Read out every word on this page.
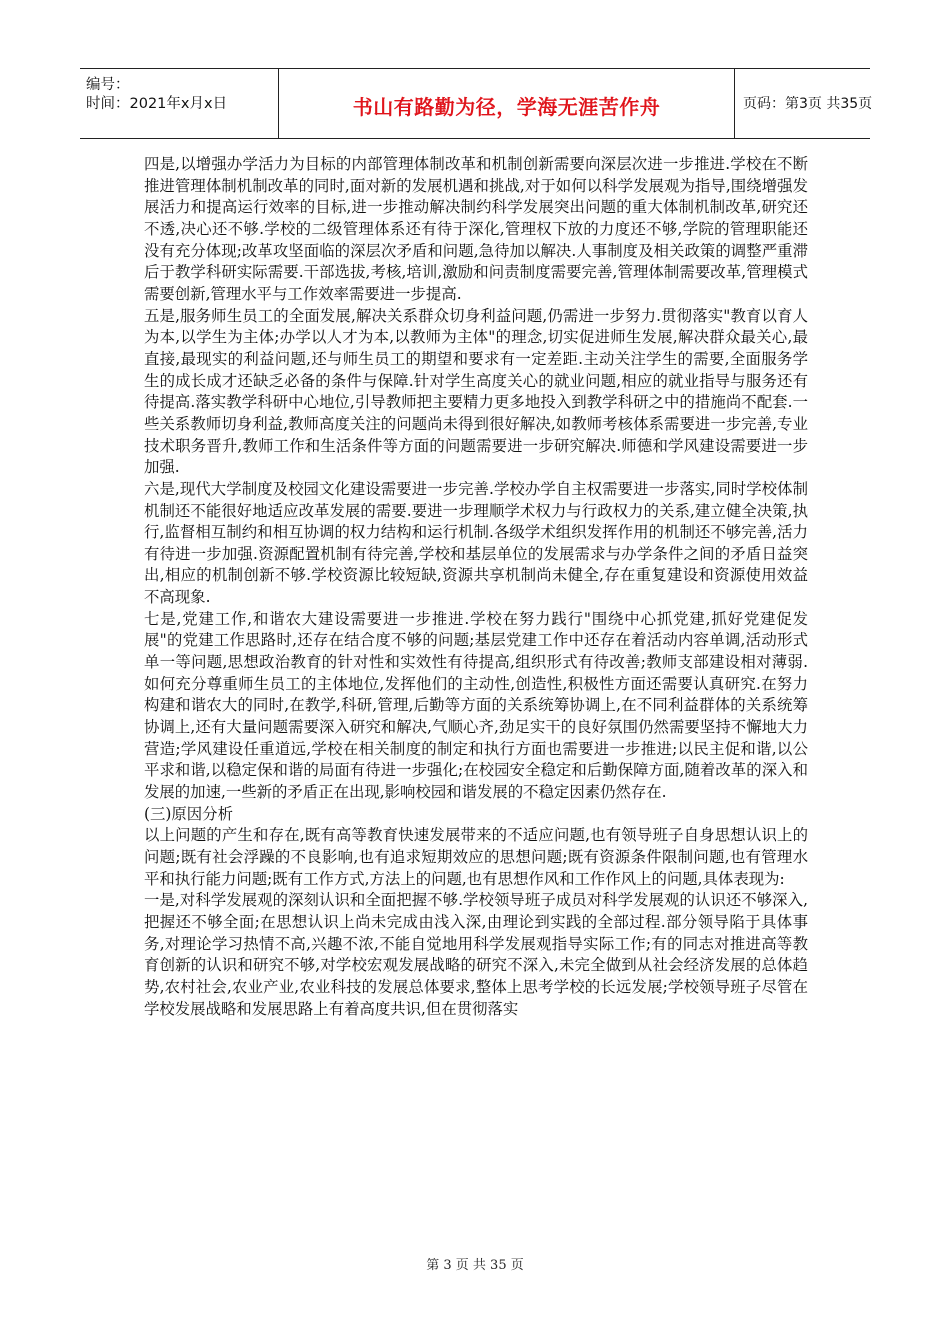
编号：
时间：2021年x月x日	书山有路勤为径，学海无涯苦作舟	页码：第3页 共35页

四是,以增强办学活力为目标的内部管理体制改革和机制创新需要向深层次进一步推进.学校在不断推进管理体制机制改革的同时,面对新的发展机遇和挑战,对于如何以科学发展观为指导,围绕增强发展活力和提高运行效率的目标,进一步推动解决制约科学发展突出问题的重大体制机制改革,研究还不透,决心还不够.学校的二级管理体系还有待于深化,管理权下放的力度还不够,学院的管理职能还没有充分体现;改革攻坚面临的深层次矛盾和问题,急待加以解决.人事制度及相关政策的调整严重滞后于教学科研实际需要.干部选拔,考核,培训,激励和问责制度需要完善,管理体制需要改革,管理模式需要创新,管理水平与工作效率需要进一步提高.

五是,服务师生员工的全面发展,解决关系群众切身利益问题,仍需进一步努力.贯彻落实"教育以育人为本,以学生为主体;办学以人才为本,以教师为主体"的理念,切实促进师生发展,解决群众最关心,最直接,最现实的利益问题,还与师生员工的期望和要求有一定差距.主动关注学生的需要,全面服务学生的成长成才还缺乏必备的条件与保障.针对学生高度关心的就业问题,相应的就业指导与服务还有待提高.落实教学科研中心地位,引导教师把主要精力更多地投入到教学科研之中的措施尚不配套.一些关系教师切身利益,教师高度关注的问题尚未得到很好解决,如教师考核体系需要进一步完善,专业技术职务晋升,教师工作和生活条件等方面的问题需要进一步研究解决.师德和学风建设需要进一步加强.

六是,现代大学制度及校园文化建设需要进一步完善.学校办学自主权需要进一步落实,同时学校体制机制还不能很好地适应改革发展的需要.要进一步理顺学术权力与行政权力的关系,建立健全决策,执行,监督相互制约和相互协调的权力结构和运行机制.各级学术组织发挥作用的机制还不够完善,活力有待进一步加强.资源配置机制有待完善,学校和基层单位的发展需求与办学条件之间的矛盾日益突出,相应的机制创新不够.学校资源比较短缺,资源共享机制尚未健全,存在重复建设和资源使用效益不高现象.

七是,党建工作,和谐农大建设需要进一步推进.学校在努力践行"围绕中心抓党建,抓好党建促发展"的党建工作思路时,还存在结合度不够的问题;基层党建工作中还存在着活动内容单调,活动形式单一等问题,思想政治教育的针对性和实效性有待提高,组织形式有待改善;教师支部建设相对薄弱.如何充分尊重师生员工的主体地位,发挥他们的主动性,创造性,积极性方面还需要认真研究.在努力构建和谐农大的同时,在教学,科研,管理,后勤等方面的关系统筹协调上,在不同利益群体的关系统筹协调上,还有大量问题需要深入研究和解决,气顺心齐,劲足实干的良好氛围仍然需要坚持不懈地大力营造;学风建设任重道远,学校在相关制度的制定和执行方面也需要进一步推进;以民主促和谐,以公平求和谐,以稳定保和谐的局面有待进一步强化;在校园安全稳定和后勤保障方面,随着改革的深入和发展的加速,一些新的矛盾正在出现,影响校园和谐发展的不稳定因素仍然存在.

(三)原因分析

以上问题的产生和存在,既有高等教育快速发展带来的不适应问题,也有领导班子自身思想认识上的问题;既有社会浮躁的不良影响,也有追求短期效应的思想问题;既有资源条件限制问题,也有管理水平和执行能力问题;既有工作方式,方法上的问题,也有思想作风和工作作风上的问题,具体表现为:

一是,对科学发展观的深刻认识和全面把握不够.学校领导班子成员对科学发展观的认识还不够深入,把握还不够全面;在思想认识上尚未完成由浅入深,由理论到实践的全部过程.部分领导陷于具体事务,对理论学习热情不高,兴趣不浓,不能自觉地用科学发展观指导实际工作;有的同志对推进高等教育创新的认识和研究不够,对学校宏观发展战略的研究不深入,未完全做到从社会经济发展的总体趋势,农村社会,农业产业,农业科技的发展总体要求,整体上思考学校的长远发展;学校领导班子尽管在学校发展战略和发展思路上有着高度共识,但在贯彻落实

第 3 页 共 35 页
